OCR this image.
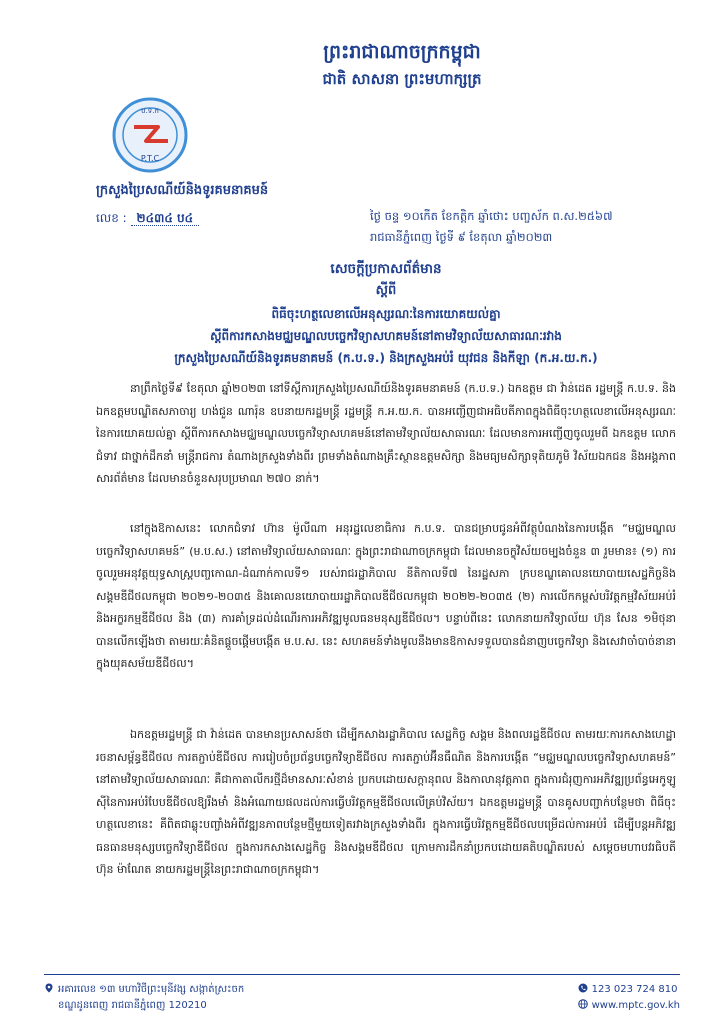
ព្រះរាជាណាចក្រកម្ពុជា
ជាតិ សាសនា ព្រះមហាក្សត្រ
ប.ទ.ក
P.T.C
ក្រសួងប្រៃសណីយ៍និងទូរគមនាគមន៍
លេខ : ២៤៣៤ ប៤	ថ្ងៃ ចន្ទ ១០កើត ខែកត្តិក ឆ្នាំថោះ បញ្ចស័ក ព.ស.២៥៦៧
រាជធានីភ្នំពេញ ថ្ងៃទី ៩ ខែតុលា ឆ្នាំ២០២៣
សេចក្តីប្រកាសព័ត៌មាន
ស្តីពី
ពិធីចុះហត្ថលេខាលើអនុស្សរណៈនៃការយោគយល់គ្នា
ស្តីពីការកសាងមជ្ឈមណ្ឌលបច្ចេកវិទ្យាសហគមន៍នៅតាមវិទ្យាល័យសាធារណៈរវាង
ក្រសួងប្រៃសណីយ៍និងទូរគមនាគមន៍ (ក.ប.ទ.) និងក្រសួងអប់រំ យុវជន និងកីឡា (ក.អ.យ.ក.)

នាព្រឹកថ្ងៃទី៩ ខែតុលា ឆ្នាំ២០២៣ នៅទីស្តីការក្រសួងប្រៃសណីយ៍និងទូរគមនាគមន៍ (ក.ប.ទ.) ឯកឧត្តម ជា វ៉ាន់ដេត រដ្ឋមន្ត្រី ក.ប.ទ. និងឯកឧត្តមបណ្ឌិតសភាចារ្យ ហង់ជួន ណារ៉ុន ឧបនាយករដ្ឋមន្ត្រី រដ្ឋមន្ត្រី ក.អ.យ.ក. បានអញ្ជើញជាអធិបតីភាពក្នុងពិធីចុះហត្ថលេខាលើអនុស្សរណៈនៃការយោគយល់គ្នា ស្តីពីការកសាងមជ្ឈមណ្ឌលបច្ចេកវិទ្យាសហគមន៍នៅតាមវិទ្យាល័យសាធារណៈ ដែលមានការអញ្ជើញចូលរួមពី ឯកឧត្តម លោកជំទាវ ជាថ្នាក់ដឹកនាំ មន្ត្រីរាជការ តំណាងក្រសួងទាំងពីរ ព្រមទាំងតំណាងគ្រឹះស្ថានឧត្តមសិក្សា និងមធ្យមសិក្សាទុតិយភូមិ វិស័យឯកជន និងអង្គភាពសារព័ត៌មាន ដែលមានចំនួនសរុបប្រមាណ ២៧០ នាក់។

នៅក្នុងឱកាសនេះ លោកជំទាវ ហ៊ាន ម៉ូលីណា អនុរដ្ឋលេខាធិការ ក.ប.ទ. បានជម្រាបជូនអំពីវត្ថុបំណងនៃការបង្កើត “មជ្ឈមណ្ឌលបច្ចេកវិទ្យាសហគមន៍” (ម.ប.ស.) នៅតាមវិទ្យាល័យសាធារណៈ ក្នុងព្រះរាជាណាចក្រកម្ពុជា ដែលមានចក្ខុវិស័យចម្បងចំនួន ៣ រួមមាន៖ (១) ការចូលរួមអនុវត្តយុទ្ធសាស្ត្របញ្ចកោណ-ដំណាក់កាលទី១ របស់រាជរដ្ឋាភិបាល នីតិកាលទី៧ នៃរដ្ឋសភា ក្របខណ្ឌគោលនយោបាយសេដ្ឋកិច្ចនិងសង្គមឌីជីថលកម្ពុជា ២០២១-២០៣៥ និងគោលនយោបាយរដ្ឋាភិបាលឌីជីថលកម្ពុជា ២០២២-២០៣៥ (២) ការលើកកម្ពស់បរិវត្តកម្មវិស័យអប់រំ និងអក្ខរកម្មឌីជីថល និង (៣) ការគាំទ្រដល់ដំណើរការអភិវឌ្ឍមូលធនមនុស្សឌីជីថល។ បន្ទាប់ពីនេះ លោកនាយកវិទ្យាល័យ ហ៊ុន សែន ១មិថុនា បានលើកឡើងថា តាមរយៈគំនិតផ្តួចផ្តើមបង្កើត ម.ប.ស. នេះ សហគមន៍ទាំងមូលនឹងមានឱកាសទទួលបានជំនាញបច្ចេកវិទ្យា និងសេវាចាំបាច់នានា ក្នុងយុគសម័យឌីជីថល។

ឯកឧត្តមរដ្ឋមន្ត្រី ជា វ៉ាន់ដេត បានមានប្រសាសន៍ថា ដើម្បីកសាងរដ្ឋាភិបាល សេដ្ឋកិច្ច សង្គម និងពលរដ្ឋឌីជីថល តាមរយៈការកសាងហេដ្ឋារចនាសម្ព័ន្ធឌីជីថល ការតភ្ជាប់ឌីជីថល ការរៀបចំប្រព័ន្ធបច្ចេកវិទ្យាឌីជីថល ការតភ្ជាប់អ៊ីនធឺណិត និងការបង្កើត “មជ្ឈមណ្ឌលបច្ចេកវិទ្យាសហគមន៍” នៅតាមវិទ្យាល័យសាធារណៈ គឺជាកាតាលីករថ្មីដ៏មានសារៈសំខាន់ ប្រកបដោយសក្តានុពល និងកាលានុវត្តភាព ក្នុងការជំរុញការអភិវឌ្ឍប្រព័ន្ធអេកូឡូស៊ីនៃការអប់រំបែបឌីជីថលឱ្យរឹងមាំ និងអំណោយផលដល់ការធ្វើបរិវត្តកម្មឌីជីថលលើគ្រប់វិស័យ។ ឯកឧត្តមរដ្ឋមន្ត្រី បានគូសបញ្ជាក់បន្ថែមថា ពិធីចុះហត្ថលេខានេះ គឺពិតជាឆ្លុះបញ្ចាំងអំពីវឌ្ឍនភាពបន្ថែមថ្មីមួយទៀតរវាងក្រសួងទាំងពីរ ក្នុងការធ្វើបរិវត្តកម្មឌីជីថលបម្រើដល់ការអប់រំ ដើម្បីបន្តអភិវឌ្ឍធនធានមនុស្សបច្ចេកវិទ្យាឌីជីថល ក្នុងការកសាងសេដ្ឋកិច្ច និងសង្គមឌីជីថល ក្រោមការដឹកនាំប្រកបដោយគតិបណ្ឌិតរបស់ សម្តេចមហាបវរធិបតី ហ៊ុន ម៉ាណែត នាយករដ្ឋមន្ត្រីនៃព្រះរាជាណាចក្រកម្ពុជា។

អគារលេខ ១៣ មហាវិថីព្រះមុនីវង្ស សង្កាត់ស្រះចក
ខណ្ឌដូនពេញ រាជធានីភ្នំពេញ 120210
123 023 724 810
www.mptc.gov.kh
